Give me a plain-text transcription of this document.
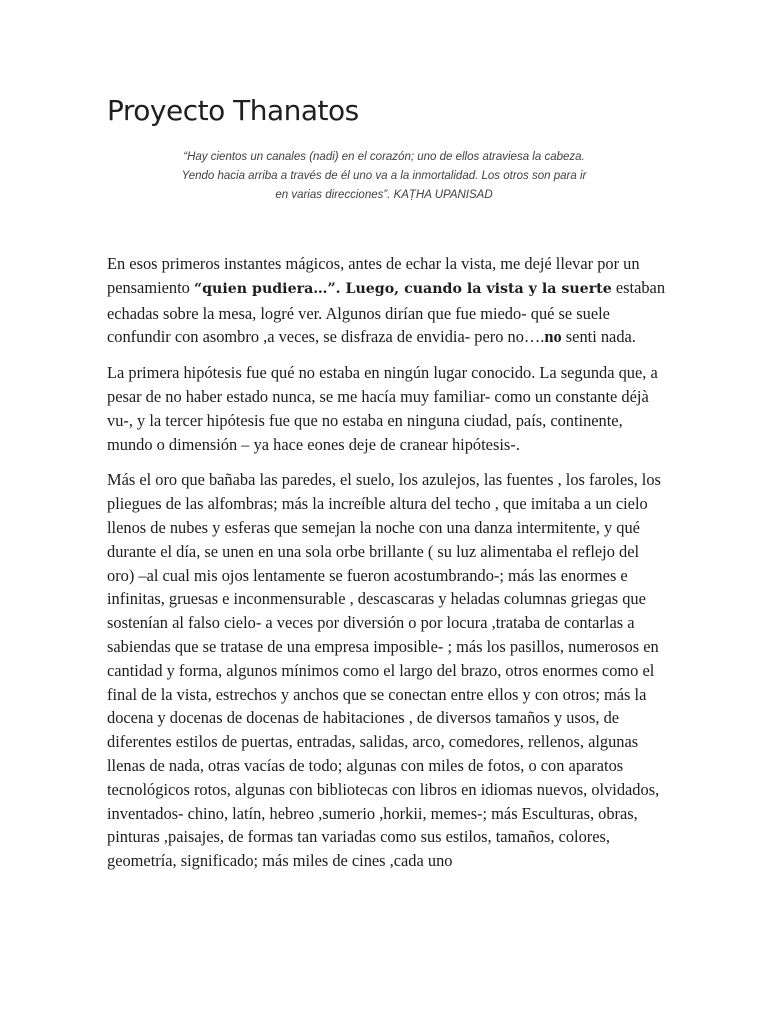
Proyecto Thanatos
“Hay cientos un canales (nadi) en el corazón; uno de ellos atraviesa la cabeza.
Yendo hacia arriba a través de él uno va a la inmortalidad. Los otros son para ir
en varias direcciones”. KAṬHA UPANISAD

En esos primeros instantes mágicos, antes de echar la vista, me dejé llevar por un pensamiento “quien pudiera…”. Luego, cuando la vista y la suerte estaban echadas sobre la mesa, logré ver. Algunos dirían que fue miedo- qué se suele confundir con asombro ,a veces, se disfraza de envidia- pero no….no senti nada.

La primera hipótesis fue qué no estaba en ningún lugar conocido. La segunda que, a pesar de no haber estado nunca, se me hacía muy familiar- como un constante déjà vu-, y la tercer hipótesis fue que no estaba en ninguna ciudad, país, continente, mundo o dimensión – ya hace eones deje de cranear hipótesis-.

Más el oro que bañaba las paredes, el suelo, los azulejos, las fuentes , los faroles, los pliegues de las alfombras; más la increíble altura del techo , que imitaba a un cielo llenos de nubes y esferas que semejan la noche con una danza intermitente, y qué durante el día, se unen en una sola orbe brillante ( su luz alimentaba el reflejo del oro) –al cual mis ojos lentamente se fueron acostumbrando-; más las enormes e infinitas, gruesas e inconmensurable , descascaras y heladas columnas griegas que sostenían al falso cielo- a veces por diversión o por locura ,trataba de contarlas a sabiendas que se tratase de una empresa imposible- ; más los pasillos, numerosos en cantidad y forma, algunos mínimos como el largo del brazo, otros enormes como el final de la vista, estrechos y anchos que se conectan entre ellos y con otros; más la docena y docenas de docenas de habitaciones , de diversos tamaños y usos, de diferentes estilos de puertas, entradas, salidas, arco, comedores, rellenos, algunas llenas de nada, otras vacías de todo; algunas con miles de fotos, o con aparatos tecnológicos rotos, algunas con bibliotecas con libros en idiomas nuevos, olvidados, inventados- chino, latín, hebreo ,sumerio ,horkii, memes-; más Esculturas, obras, pinturas ,paisajes, de formas tan variadas como sus estilos, tamaños, colores, geometría, significado; más miles de cines ,cada uno
